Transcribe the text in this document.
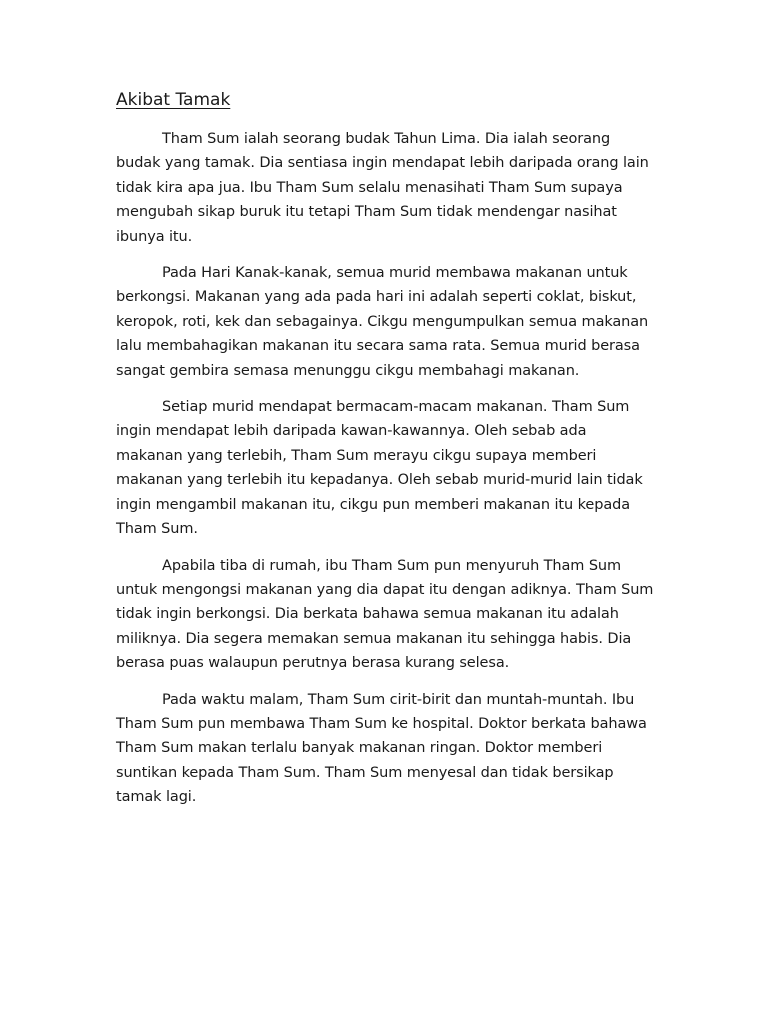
Akibat Tamak

Tham Sum ialah seorang budak Tahun Lima. Dia ialah seorang budak yang tamak. Dia sentiasa ingin mendapat lebih daripada orang lain tidak kira apa jua. Ibu Tham Sum selalu menasihati Tham Sum supaya mengubah sikap buruk itu tetapi Tham Sum tidak mendengar nasihat ibunya itu.

Pada Hari Kanak-kanak, semua murid membawa makanan untuk berkongsi. Makanan yang ada pada hari ini adalah seperti coklat, biskut, keropok, roti, kek dan sebagainya. Cikgu mengumpulkan semua makanan lalu membahagikan makanan itu secara sama rata. Semua murid berasa sangat gembira semasa menunggu cikgu membahagi makanan.

Setiap murid mendapat bermacam-macam makanan. Tham Sum ingin mendapat lebih daripada kawan-kawannya. Oleh sebab ada makanan yang terlebih, Tham Sum merayu cikgu supaya memberi makanan yang terlebih itu kepadanya. Oleh sebab murid-murid lain tidak ingin mengambil makanan itu, cikgu pun memberi makanan itu kepada Tham Sum.

Apabila tiba di rumah, ibu Tham Sum pun menyuruh Tham Sum untuk mengongsi makanan yang dia dapat itu dengan adiknya. Tham Sum tidak ingin berkongsi. Dia berkata bahawa semua makanan itu adalah miliknya. Dia segera memakan semua makanan itu sehingga habis. Dia berasa puas walaupun perutnya berasa kurang selesa.

Pada waktu malam, Tham Sum cirit-birit dan muntah-muntah. Ibu Tham Sum pun membawa Tham Sum ke hospital. Doktor berkata bahawa Tham Sum makan terlalu banyak makanan ringan. Doktor memberi suntikan kepada Tham Sum. Tham Sum menyesal dan tidak bersikap tamak lagi.
